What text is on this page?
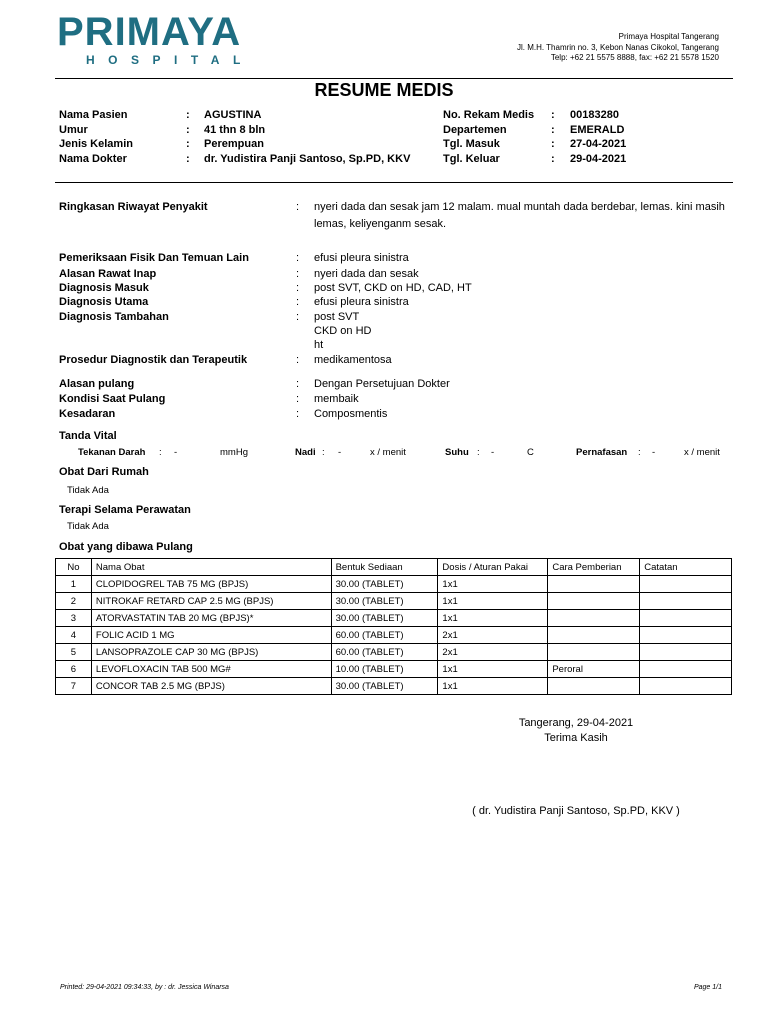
PRIMAYA
HOSPITAL
Primaya Hospital Tangerang
Jl. M.H. Thamrin no. 3, Kebon Nanas Cikokol, Tangerang
Telp: +62 21 5575 8888, fax: +62 21 5578 1520
RESUME MEDIS
Nama Pasien	: AGUSTINA
Umur	: 41 thn 8 bln
Jenis Kelamin	: Perempuan
Nama Dokter	: dr. Yudistira Panji Santoso, Sp.PD, KKV
No. Rekam Medis : 00183280
Departemen	: EMERALD
Tgl. Masuk	: 27-04-2021
Tgl. Keluar	: 29-04-2021
Ringkasan Riwayat Penyakit	: nyeri dada dan sesak jam 12 malam. mual muntah dada berdebar, lemas. kini masih lemas, keliyenganm sesak.
Pemeriksaan Fisik Dan Temuan Lain	: efusi pleura sinistra
Alasan Rawat Inap	: nyeri dada dan sesak
Diagnosis Masuk	: post SVT, CKD on HD, CAD, HT
Diagnosis Utama	: efusi pleura sinistra
Diagnosis Tambahan	: post SVT
CKD on HD
ht
Prosedur Diagnostik dan Terapeutik	: medikamentosa
Alasan pulang	: Dengan Persetujuan Dokter
Kondisi Saat Pulang	: membaik
Kesadaran	: Composmentis
Tanda Vital
Tekanan Darah : -	mmHg	Nadi : -	x / menit	Suhu : -	C	Pernafasan : -	x / menit
Obat Dari Rumah
Tidak Ada
Terapi Selama Perawatan
Tidak Ada
Obat yang dibawa Pulang
No	Nama Obat	Bentuk Sediaan	Dosis / Aturan Pakai	Cara Pemberian	Catatan
1	CLOPIDOGREL TAB 75 MG (BPJS)	30.00 (TABLET)	1x1		
2	NITROKAF RETARD CAP 2.5 MG (BPJS)	30.00 (TABLET)	1x1		
3	ATORVASTATIN TAB 20 MG (BPJS)*	30.00 (TABLET)	1x1		
4	FOLIC ACID 1 MG	60.00 (TABLET)	2x1		
5	LANSOPRAZOLE CAP 30 MG (BPJS)	60.00 (TABLET)	2x1		
6	LEVOFLOXACIN TAB 500 MG#	10.00 (TABLET)	1x1	Peroral	
7	CONCOR TAB 2.5 MG (BPJS)	30.00 (TABLET)	1x1		
Tangerang, 29-04-2021
Terima Kasih
( dr. Yudistira Panji Santoso, Sp.PD, KKV )
Printed: 29-04-2021 09:34:33, by : dr. Jessica Winarsa	Page 1/1
